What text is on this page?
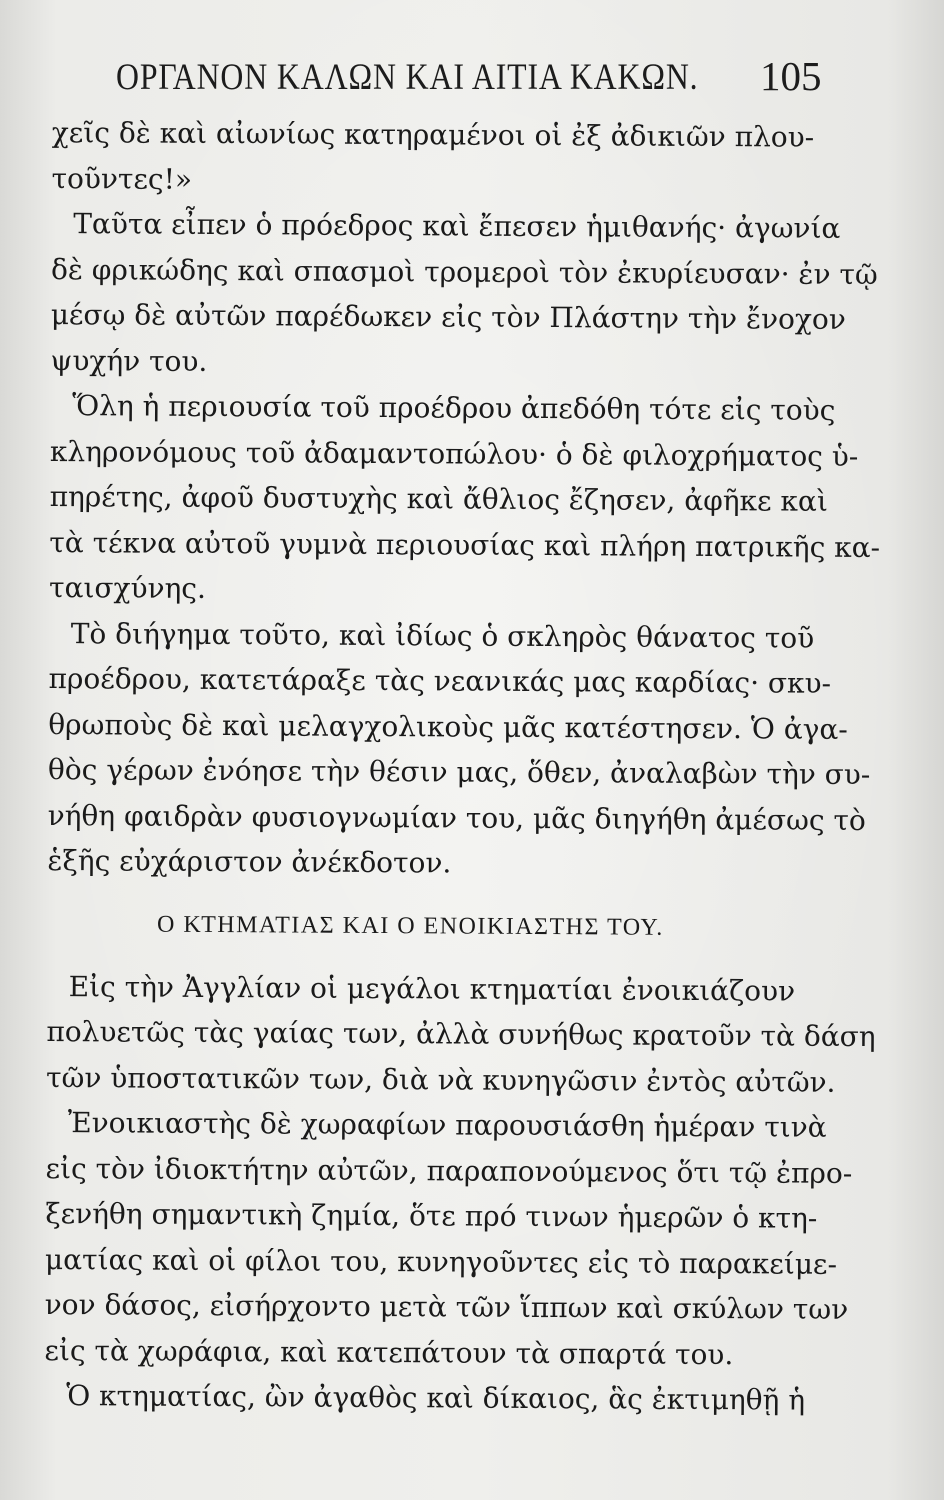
ΟΡΓΑΝΟΝ ΚΑΛΩΝ ΚΑΙ ΑΙΤΙΑ ΚΑΚΩΝ. 105
χεῖς δὲ καὶ αἰωνίως κατηραμένοι οἱ ἐξ ἀδικιῶν πλου-
τοῦντες!»
Ταῦτα εἶπεν ὁ πρόεδρος καὶ ἔπεσεν ἡμιθανής· ἀγωνία
δὲ φρικώδης καὶ σπασμοὶ τρομεροὶ τὸν ἐκυρίευσαν· ἐν τῷ
μέσῳ δὲ αὐτῶν παρέδωκεν εἰς τὸν Πλάστην τὴν ἔνοχον
ψυχήν του.
Ὅλη ἡ περιουσία τοῦ προέδρου ἀπεδόθη τότε εἰς τοὺς
κληρονόμους τοῦ ἀδαμαντοπώλου· ὁ δὲ φιλοχρήματος ὑ-
πηρέτης, ἀφοῦ δυστυχὴς καὶ ἄθλιος ἔζησεν, ἀφῆκε καὶ
τὰ τέκνα αὐτοῦ γυμνὰ περιουσίας καὶ πλήρη πατρικῆς κα-
ταισχύνης.
Τὸ διήγημα τοῦτο, καὶ ἰδίως ὁ σκληρὸς θάνατος τοῦ
προέδρου, κατετάραξε τὰς νεανικάς μας καρδίας· σκυ-
θρωποὺς δὲ καὶ μελαγχολικοὺς μᾶς κατέστησεν. Ὁ ἀγα-
θὸς γέρων ἐνόησε τὴν θέσιν μας, ὅθεν, ἀναλαβὼν τὴν συ-
νήθη φαιδρὰν φυσιογνωμίαν του, μᾶς διηγήθη ἀμέσως τὸ
ἑξῆς εὐχάριστον ἀνέκδοτον.
Ο ΚΤΗΜΑΤΙΑΣ ΚΑΙ Ο ΕΝΟΙΚΙΑΣΤΗΣ ΤΟΥ.
Εἰς τὴν Ἀγγλίαν οἱ μεγάλοι κτηματίαι ἐνοικιάζουν
πολυετῶς τὰς γαίας των, ἀλλὰ συνήθως κρατοῦν τὰ δάση
τῶν ὑποστατικῶν των, διὰ νὰ κυνηγῶσιν ἐντὸς αὐτῶν.
Ἐνοικιαστὴς δὲ χωραφίων παρουσιάσθη ἡμέραν τινὰ
εἰς τὸν ἰδιοκτήτην αὐτῶν, παραπονούμενος ὅτι τῷ ἐπρο-
ξενήθη σημαντικὴ ζημία, ὅτε πρό τινων ἡμερῶν ὁ κτη-
ματίας καὶ οἱ φίλοι του, κυνηγοῦντες εἰς τὸ παρακείμε-
νον δάσος, εἰσήρχοντο μετὰ τῶν ἵππων καὶ σκύλων των
εἰς τὰ χωράφια, καὶ κατεπάτουν τὰ σπαρτά του.
Ὁ κτηματίας, ὢν ἀγαθὸς καὶ δίκαιος, ἃς ἐκτιμηθῇ ἡ
